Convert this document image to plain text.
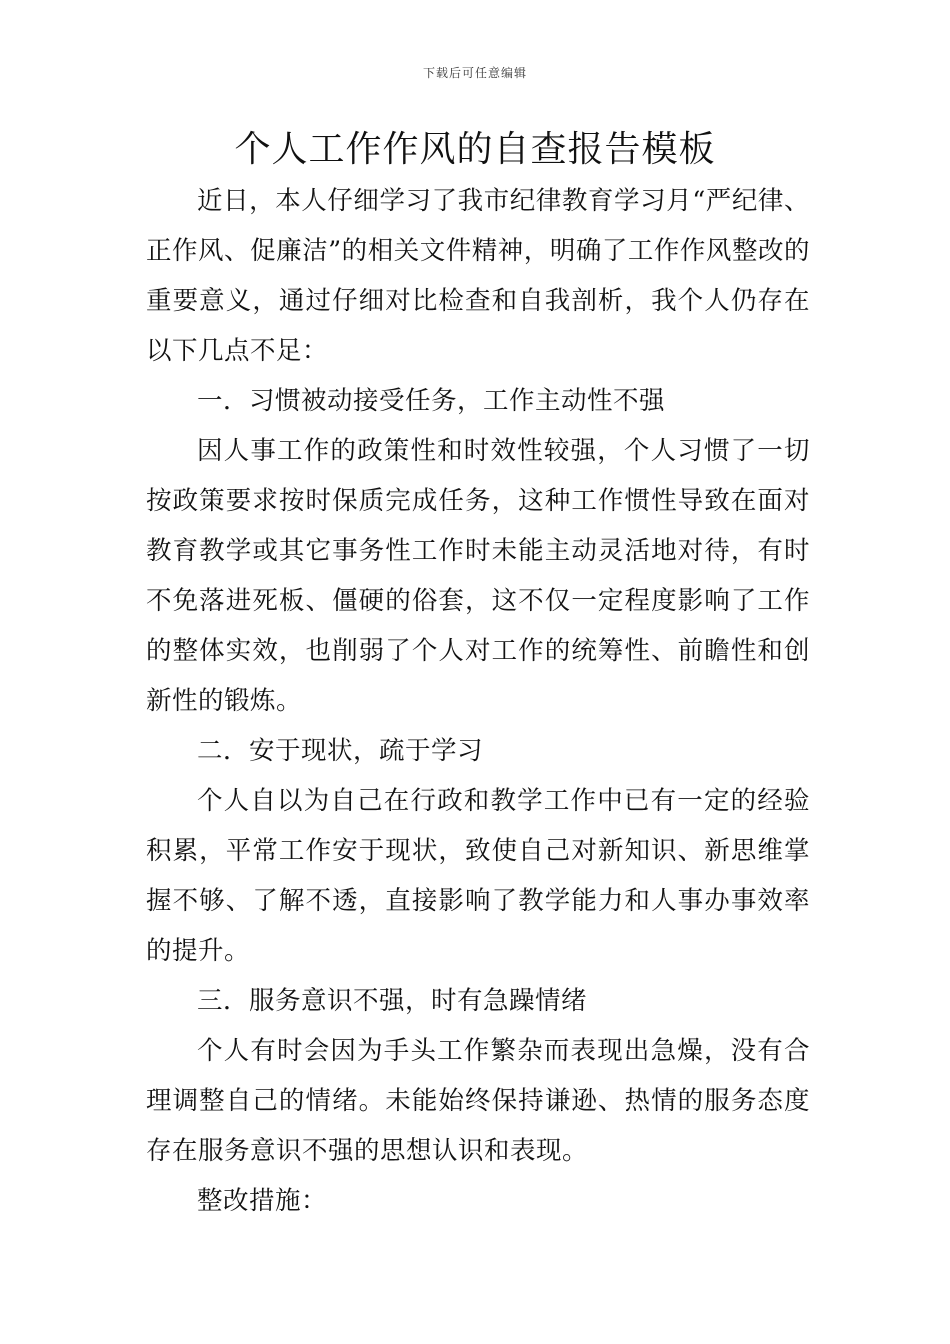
下载后可任意编辑
个人工作作风的自查报告模板

近日，本人仔细学习了我市纪律教育学习月“严纪律、正作风、促廉洁”的相关文件精神，明确了工作作风整改的重要意义，通过仔细对比检查和自我剖析，我个人仍存在以下几点不足：

一．习惯被动接受任务，工作主动性不强

因人事工作的政策性和时效性较强，个人习惯了一切按政策要求按时保质完成任务，这种工作惯性导致在面对教育教学或其它事务性工作时未能主动灵活地对待，有时不免落进死板、僵硬的俗套，这不仅一定程度影响了工作的整体实效，也削弱了个人对工作的统筹性、前瞻性和创新性的锻炼。

二．安于现状，疏于学习

个人自以为自己在行政和教学工作中已有一定的经验积累，平常工作安于现状，致使自己对新知识、新思维掌握不够、了解不透，直接影响了教学能力和人事办事效率的提升。

三．服务意识不强，时有急躁情绪

个人有时会因为手头工作繁杂而表现出急燥，没有合理调整自己的情绪。未能始终保持谦逊、热情的服务态度存在服务意识不强的思想认识和表现。

整改措施：
